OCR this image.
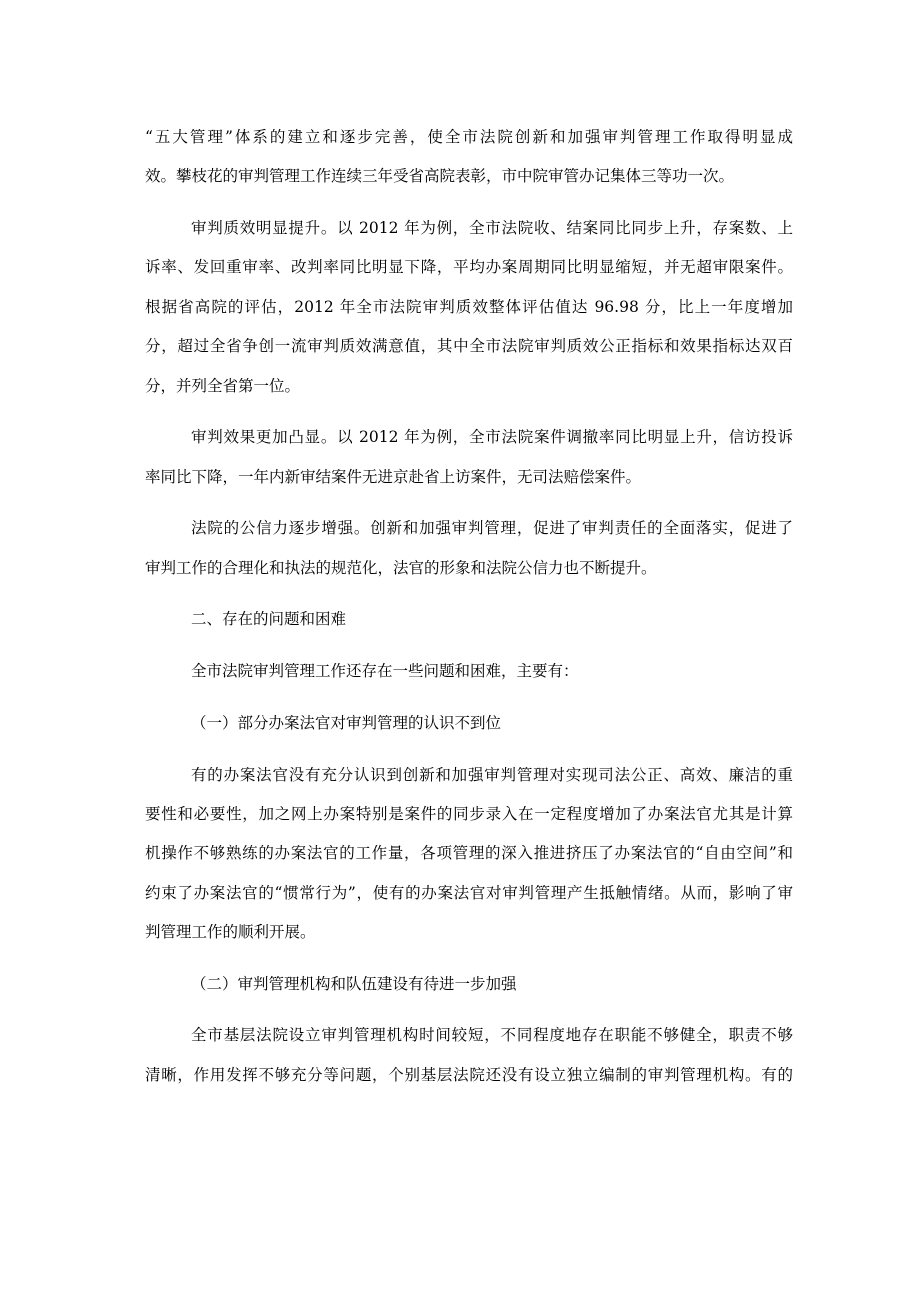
“五大管理”体系的建立和逐步完善，使全市法院创新和加强审判管理工作取得明显成
效。攀枝花的审判管理工作连续三年受省高院表彰，市中院审管办记集体三等功一次。
审判质效明显提升。以 2012 年为例，全市法院收、结案同比同步上升，存案数、上
诉率、发回重审率、改判率同比明显下降，平均办案周期同比明显缩短，并无超审限案件。
根据省高院的评估，2012 年全市法院审判质效整体评估值达 96.98 分，比上一年度增加
分，超过全省争创一流审判质效满意值，其中全市法院审判质效公正指标和效果指标达双百
分，并列全省第一位。
审判效果更加凸显。以 2012 年为例，全市法院案件调撤率同比明显上升，信访投诉
率同比下降，一年内新审结案件无进京赴省上访案件，无司法赔偿案件。
法院的公信力逐步增强。创新和加强审判管理，促进了审判责任的全面落实，促进了
审判工作的合理化和执法的规范化，法官的形象和法院公信力也不断提升。
二、存在的问题和困难
全市法院审判管理工作还存在一些问题和困难，主要有：
（一）部分办案法官对审判管理的认识不到位
有的办案法官没有充分认识到创新和加强审判管理对实现司法公正、高效、廉洁的重
要性和必要性，加之网上办案特别是案件的同步录入在一定程度增加了办案法官尤其是计算
机操作不够熟练的办案法官的工作量，各项管理的深入推进挤压了办案法官的“自由空间”和
约束了办案法官的“惯常行为”，使有的办案法官对审判管理产生抵触情绪。从而，影响了审
判管理工作的顺利开展。
（二）审判管理机构和队伍建设有待进一步加强
全市基层法院设立审判管理机构时间较短，不同程度地存在职能不够健全，职责不够
清晰，作用发挥不够充分等问题，个别基层法院还没有设立独立编制的审判管理机构。有的
